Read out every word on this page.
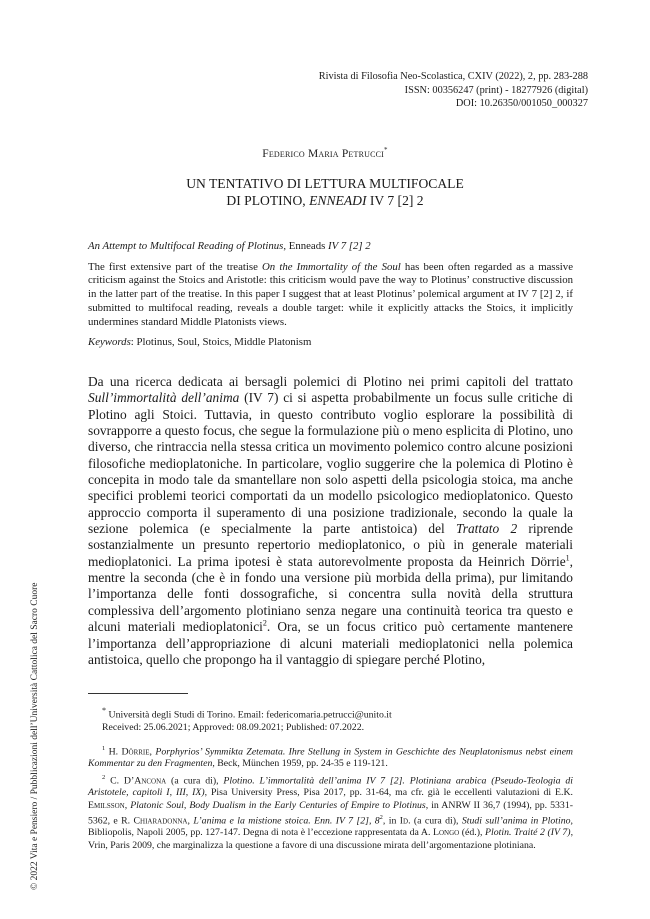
Rivista di Filosofia Neo-Scolastica, CXIV (2022), 2, pp. 283-288
ISSN: 00356247 (print) - 18277926 (digital)
DOI: 10.26350/001050_000327
Federico Maria Petrucci*
UN TENTATIVO DI LETTURA MULTIFOCALE
DI PLOTINO, ENNEADI IV 7 [2] 2

An Attempt to Multifocal Reading of Plotinus, Enneads IV 7 [2] 2

The first extensive part of the treatise On the Immortality of the Soul has been often regarded as a massive criticism against the Stoics and Aristotle: this criticism would pave the way to Plotinus’ constructive discussion in the latter part of the treatise. In this paper I suggest that at least Plotinus’ polemical argument at IV 7 [2] 2, if submitted to multifocal reading, reveals a double target: while it explicitly attacks the Stoics, it implicitly undermines standard Middle Platonists views.

Keywords: Plotinus, Soul, Stoics, Middle Platonism

Da una ricerca dedicata ai bersagli polemici di Plotino nei primi capitoli del trattato Sull’immortalità dell’anima (IV 7) ci si aspetta probabilmente un focus sulle critiche di Plotino agli Stoici. Tuttavia, in questo contributo voglio esplorare la possibilità di sovrapporre a questo focus, che segue la formulazione più o meno esplicita di Plotino, uno diverso, che rintraccia nella stessa critica un movimento polemico contro alcune posizioni filosofiche medioplatoniche. In particolare, voglio suggerire che la polemica di Plotino è concepita in modo tale da smantellare non solo aspetti della psicologia stoica, ma anche specifici problemi teorici comportati da un modello psicologico medioplatonico. Questo approccio comporta il superamento di una posizione tradizionale, secondo la quale la sezione polemica (e specialmente la parte antistoica) del Trattato 2 riprende sostanzialmente un presunto repertorio medioplatonico, o più in generale materiali medioplatonici. La prima ipotesi è stata autorevolmente proposta da Heinrich Dörrie$^1$, mentre la seconda (che è in fondo una versione più morbida della prima), pur limitando l’importanza delle fonti dossografiche, si concentra sulla novità della struttura complessiva dell’argomento plotiniano senza negare una continuità teorica tra questo e alcuni materiali medioplatonici$^2$. Ora, se un focus critico può certamente mantenere l’importanza dell’appropriazione di alcuni materiali medioplatonici nella polemica antistoica, quello che propongo ha il vantaggio di spiegare perché Plotino,

* Università degli Studi di Torino. Email: federicomaria.petrucci@unito.it
Received: 25.06.2021; Approved: 08.09.2021; Published: 07.2022.

$^1$ H. Dörrie, Porphyrios’ Symmikta Zetemata. Ihre Stellung in System in Geschichte des Neuplatonismus nebst einem Kommentar zu den Fragmenten, Beck, München 1959, pp. 24-35 e 119-121.

$^2$ C. D’Ancona (a cura di), Plotino. L’immortalità dell’anima IV 7 [2]. Plotiniana arabica (Pseudo-Teologia di Aristotele, capitoli I, III, IX), Pisa University Press, Pisa 2017, pp. 31-64, ma cfr. già le eccellenti valutazioni di E.K. Emilsson, Platonic Soul, Body Dualism in the Early Centuries of Empire to Plotinus, in ANRW II 36,7 (1994), pp. 5331-5362, e R. Chiaradonna, L’anima e la mistione stoica. Enn. IV 7 [2], $8^2$, in Id. (a cura di), Studi sull’anima in Plotino, Bibliopolis, Napoli 2005, pp. 127-147. Degna di nota è l’eccezione rappresentata da A. Longo (éd.), Plotin. Traité 2 (IV 7), Vrin, Paris 2009, che marginalizza la questione a favore di una discussione mirata dell’argomentazione plotiniana.

© 2022 Vita e Pensiero / Pubblicazioni dell’Università Cattolica del Sacro Cuore
